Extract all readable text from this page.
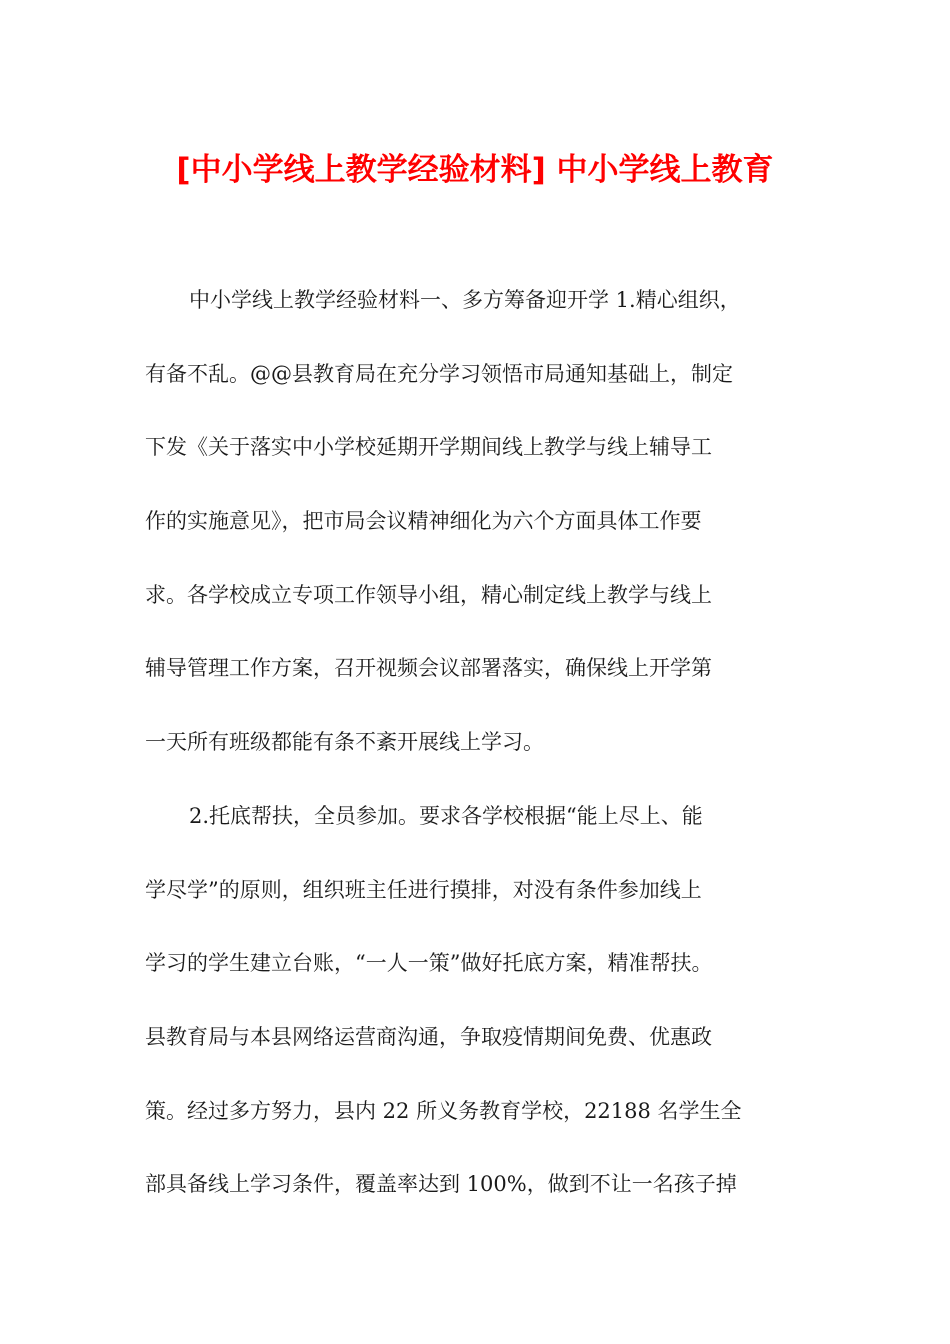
[中小学线上教学经验材料] 中小学线上教育
中小学线上教学经验材料一、多方筹备迎开学 1.精心组织，
有备不乱。@@县教育局在充分学习领悟市局通知基础上，制定
下发《关于落实中小学校延期开学期间线上教学与线上辅导工
作的实施意见》，把市局会议精神细化为六个方面具体工作要
求。各学校成立专项工作领导小组，精心制定线上教学与线上
辅导管理工作方案，召开视频会议部署落实，确保线上开学第
一天所有班级都能有条不紊开展线上学习。
2.托底帮扶，全员参加。要求各学校根据“能上尽上、能
学尽学”的原则，组织班主任进行摸排，对没有条件参加线上
学习的学生建立台账，“一人一策”做好托底方案，精准帮扶。
县教育局与本县网络运营商沟通，争取疫情期间免费、优惠政
策。经过多方努力，县内 22 所义务教育学校，22188 名学生全
部具备线上学习条件，覆盖率达到 100%，做到不让一名孩子掉
